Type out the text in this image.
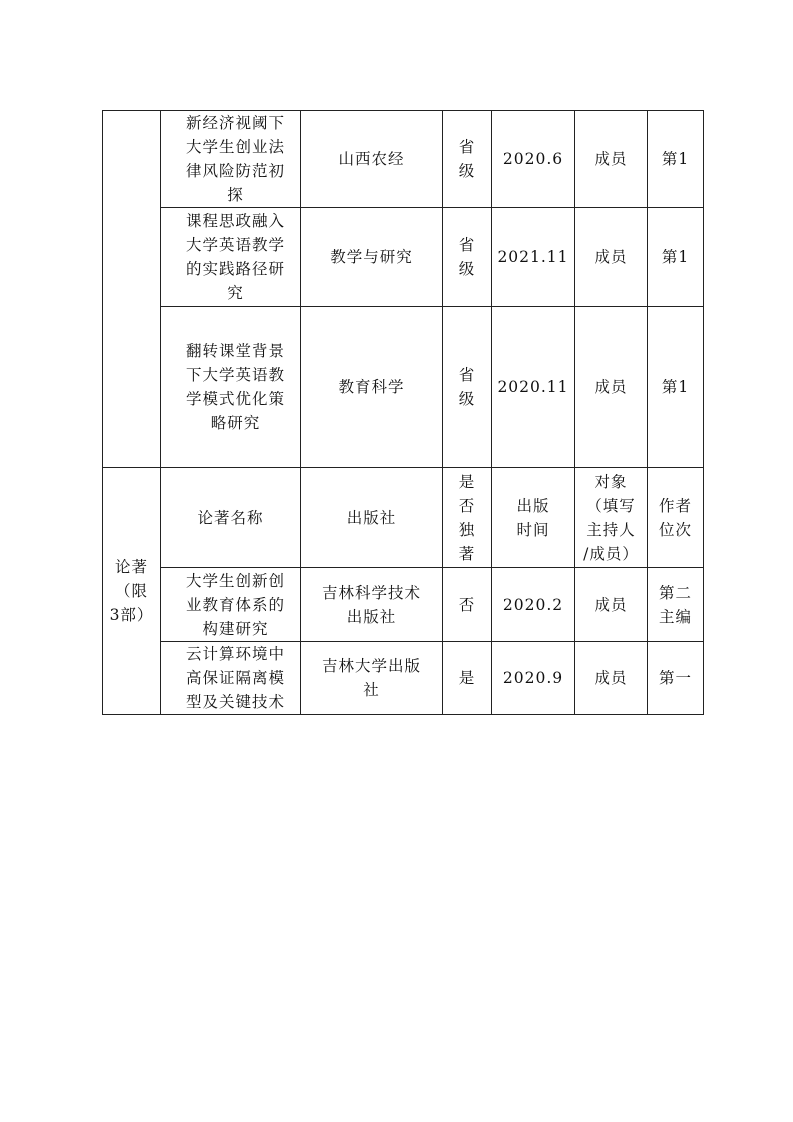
	新经济视阈下
大学生创业法
律风险防范初
探	山西农经	省
级	2020.6	成员	第1
	课程思政融入
大学英语教学
的实践路径研
究	教学与研究	省
级	2021.11	成员	第1
	翻转课堂背景
下大学英语教
学模式优化策
略研究	教育科学	省
级	2020.11	成员	第1
论著
（限
3部）	论著名称	出版社	是
否
独
著	出版
时间	对象
（填写
主持人
/成员）	作者
位次
	大学生创新创
业教育体系的
构建研究	吉林科学技术
出版社	否	2020.2	成员	第二
主编
	云计算环境中
高保证隔离模
型及关键技术	吉林大学出版
社	是	2020.9	成员	第一
